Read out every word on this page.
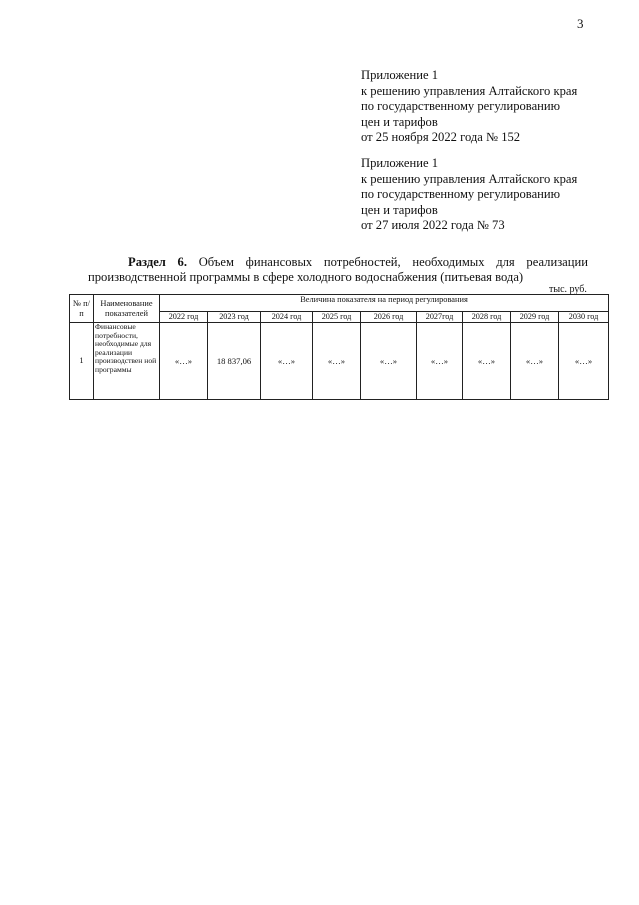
3
Приложение 1
к решению управления Алтайского края
по государственному регулированию
цен и тарифов
от 25 ноября 2022 года № 152
Приложение 1
к решению управления Алтайского края
по государственному регулированию
цен и тарифов
от 27 июля 2022 года № 73
Раздел 6. Объем финансовых потребностей, необходимых для реализации
производственной программы в сфере холодного водоснабжения (питьевая вода)
тыс. руб.
№ п/п	Наименование показателей	Величина показателя на период регулирования								
		2022 год	2023 год	2024 год	2025 год	2026 год	2027год	2028 год	2029 год	2030 год
1	Финансовые потребности, необходимые для реализации производствен ной программы	«…»	18 837,06	«…»	«…»	«…»	«…»	«…»	«…»	«…»
